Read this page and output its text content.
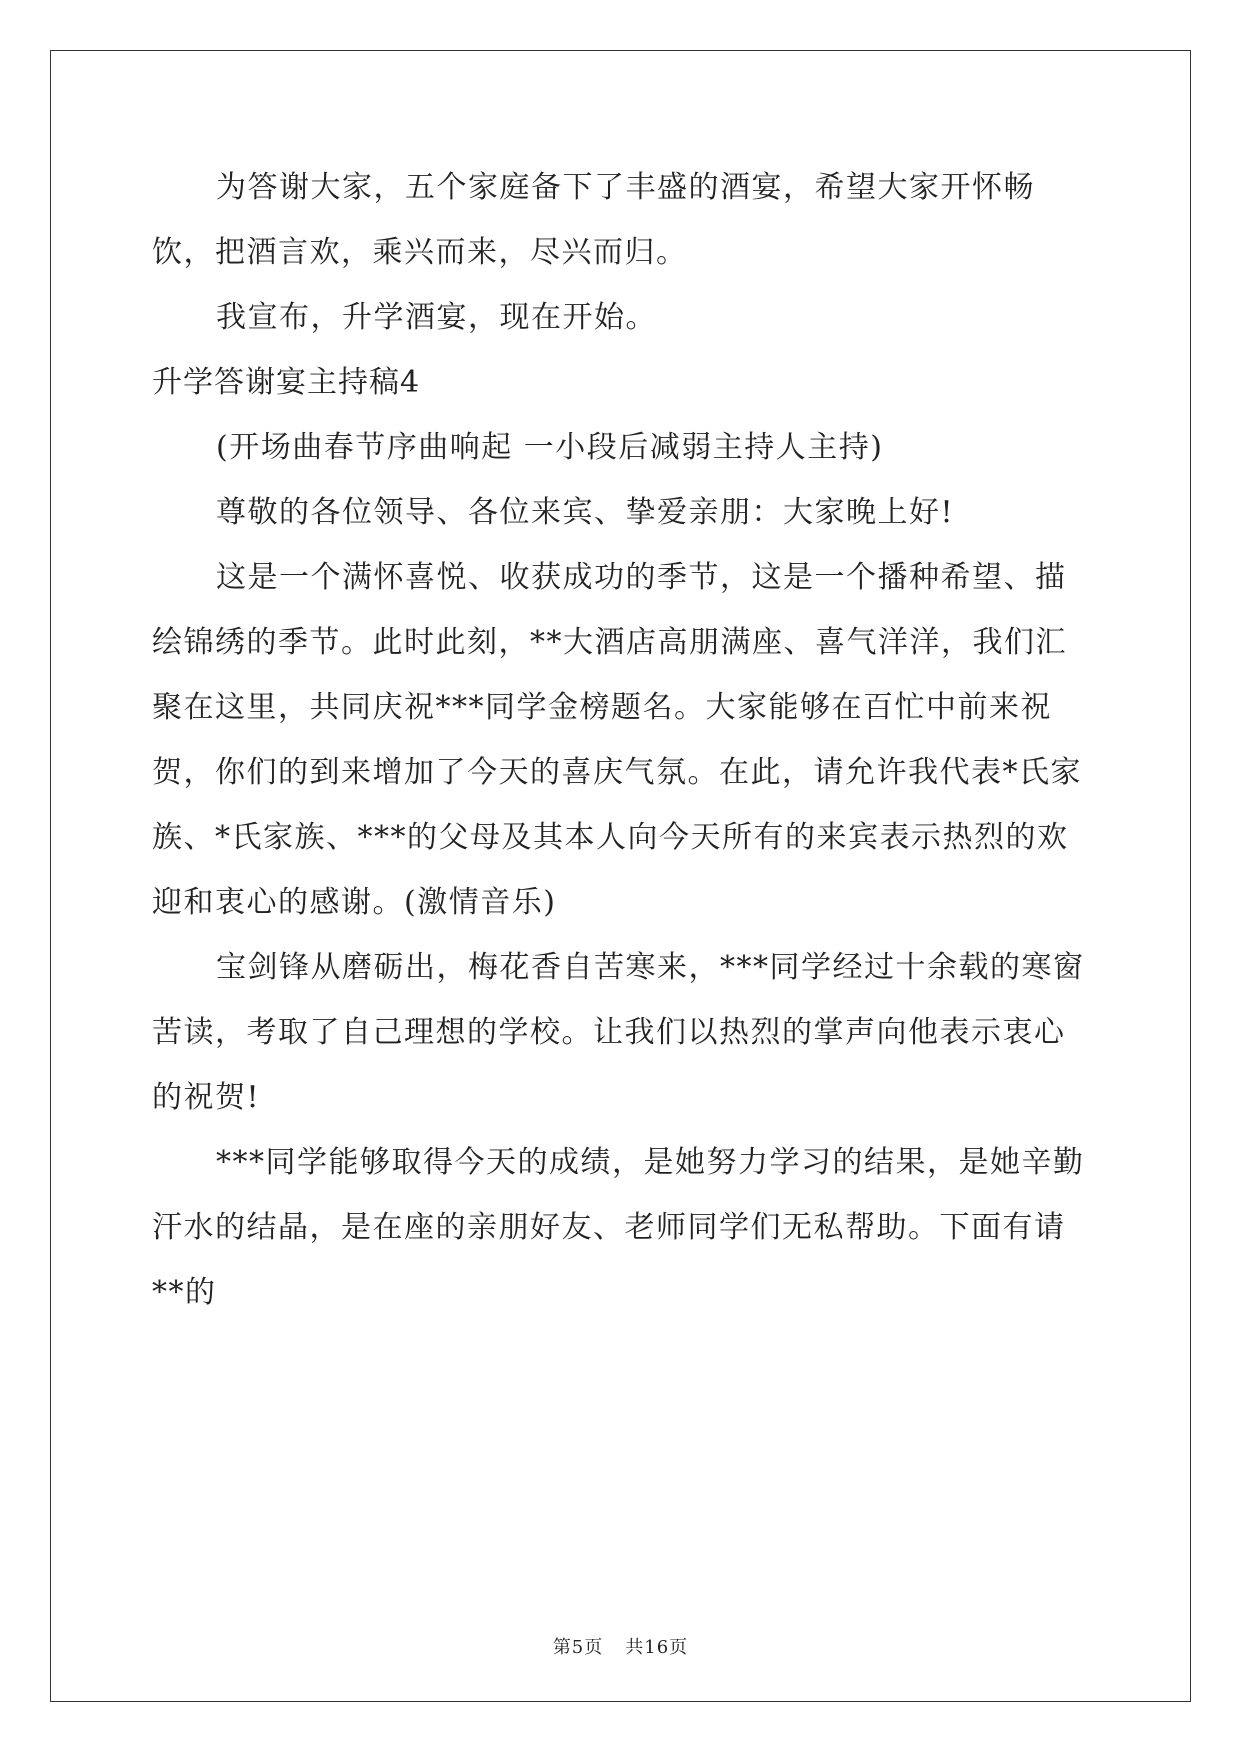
为答谢大家，五个家庭备下了丰盛的酒宴，希望大家开怀畅饮，把酒言欢，乘兴而来，尽兴而归。

我宣布，升学酒宴，现在开始。

升学答谢宴主持稿4

(开场曲春节序曲响起 一小段后减弱主持人主持)

尊敬的各位领导、各位来宾、挚爱亲朋：大家晚上好!

这是一个满怀喜悦、收获成功的季节，这是一个播种希望、描绘锦绣的季节。此时此刻，**大酒店高朋满座、喜气洋洋，我们汇聚在这里，共同庆祝***同学金榜题名。大家能够在百忙中前来祝贺，你们的到来增加了今天的喜庆气氛。在此，请允许我代表*氏家族、*氏家族、***的父母及其本人向今天所有的来宾表示热烈的欢迎和衷心的感谢。(激情音乐)

宝剑锋从磨砺出，梅花香自苦寒来，***同学经过十余载的寒窗苦读，考取了自己理想的学校。让我们以热烈的掌声向他表示衷心的祝贺!

***同学能够取得今天的成绩，是她努力学习的结果，是她辛勤汗水的结晶，是在座的亲朋好友、老师同学们无私帮助。下面有请**的

第5页 共16页
